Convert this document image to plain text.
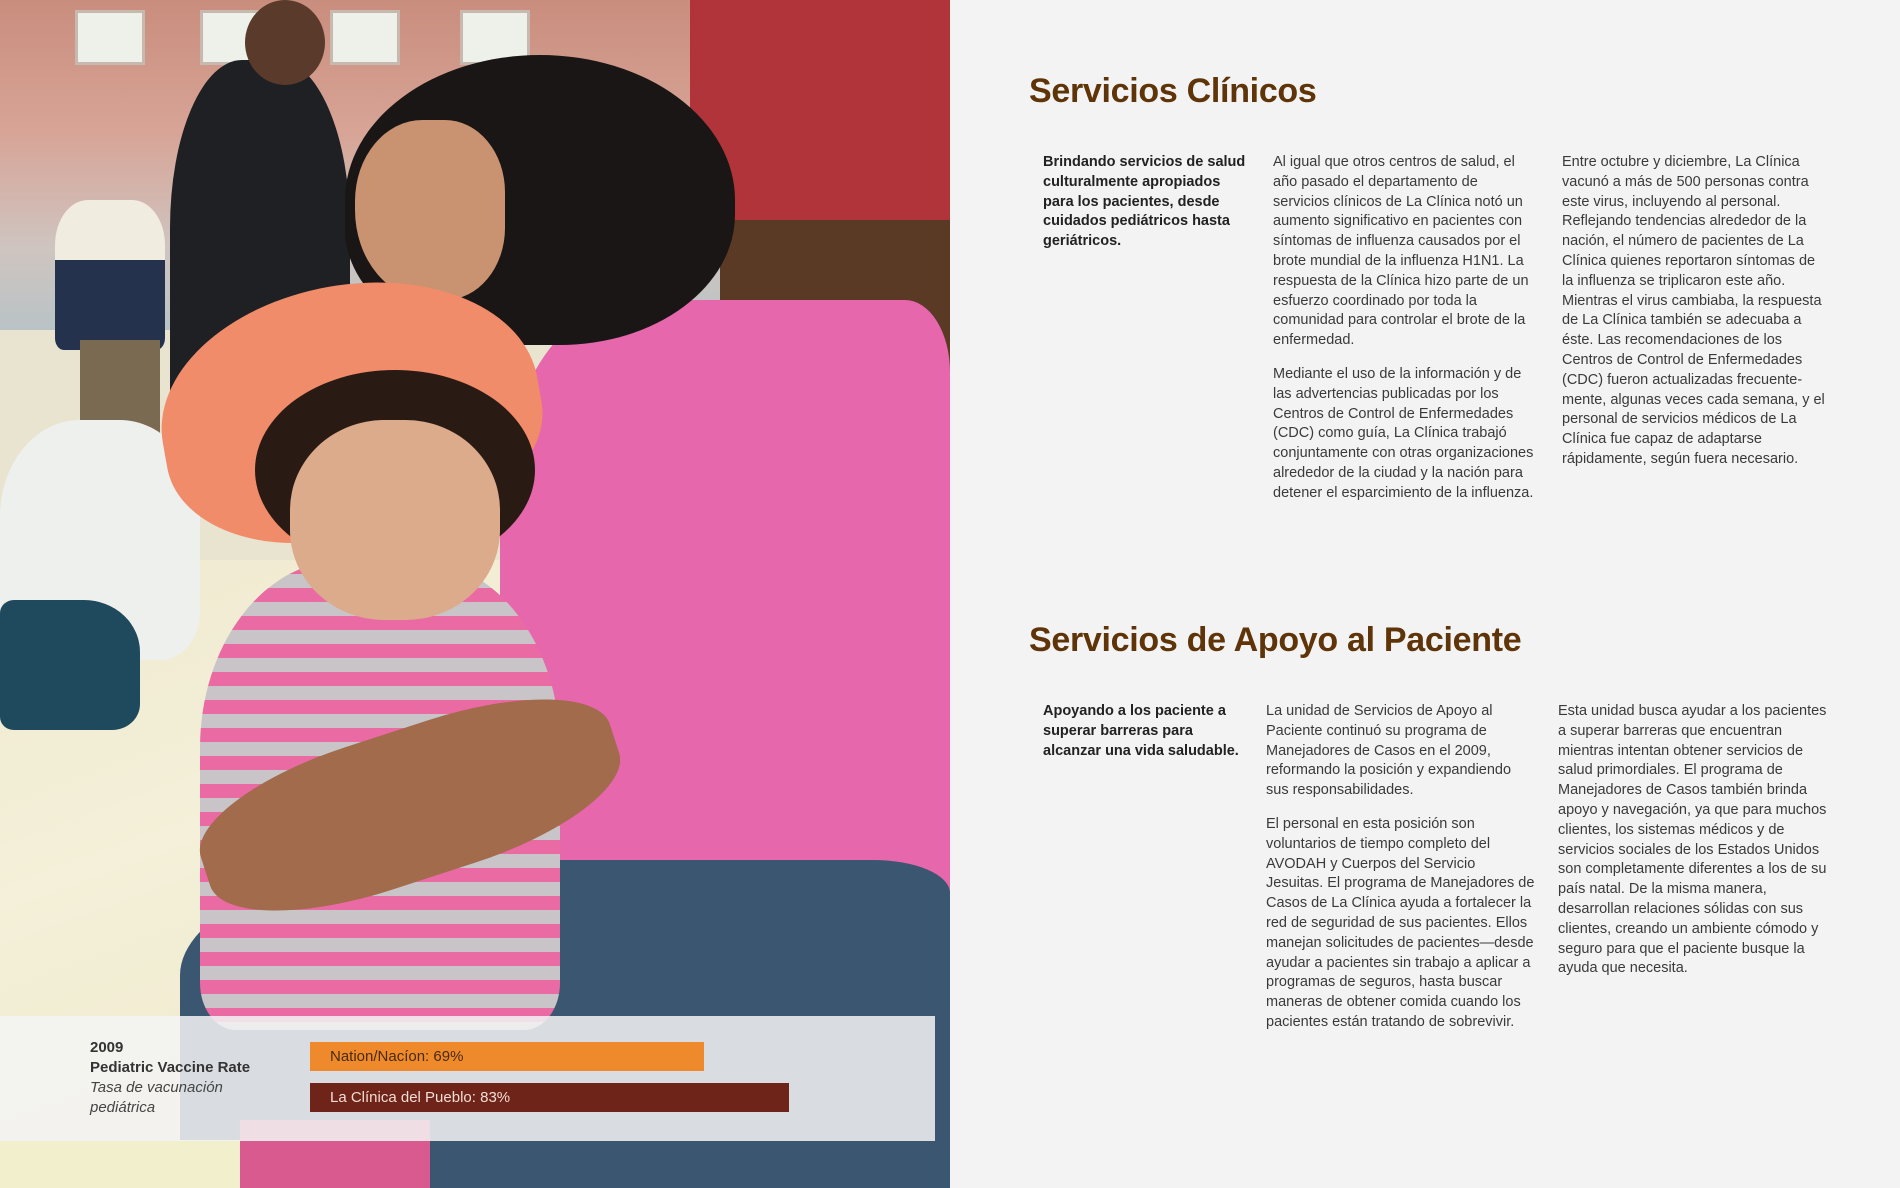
2009
Pediatric Vaccine Rate
Tasa de vacunación pediátrica
Nation/Nacíon: 69%
La Clínica del Pueblo: 83%
Servicios Clínicos

Brindando servicios de salud culturalmente apropiados para los pacientes, desde cuidados pediátricos hasta geriátricos.

Al igual que otros centros de salud, el año pasado el departamento de servicios clínicos de La Clínica notó un aumento significativo en pacientes con síntomas de influenza causados por el brote mundial de la influenza H1N1. La respuesta de la Clínica hizo parte de un esfuerzo coordinado por toda la comunidad para controlar el brote de la enfermedad.

Mediante el uso de la información y de las advertencias publicadas por los Centros de Control de Enfermedades (CDC) como guía, La Clínica trabajó conjuntamente con otras organizaciones alrededor de la ciudad y la nación para detener el esparcimiento de la influenza.

Entre octubre y diciembre, La Clínica vacunó a más de 500 personas contra este virus, incluyendo al personal. Reflejando tendencias alrededor de la nación, el número de pacientes de La Clínica quienes reportaron síntomas de la influenza se triplicaron este año. Mientras el virus cambiaba, la respuesta de La Clínica también se adecuaba a éste. Las recomendaciones de los Centros de Control de Enfermedades (CDC) fueron actualizadas frecuente-mente, algunas veces cada semana, y el personal de servicios médicos de La Clínica fue capaz de adaptarse rápidamente, según fuera necesario.

Servicios de Apoyo al Paciente

Apoyando a los paciente a superar barreras para alcanzar una vida saludable.

La unidad de Servicios de Apoyo al Paciente continuó su programa de Manejadores de Casos en el 2009, reformando la posición y expandiendo sus responsabilidades.

El personal en esta posición son voluntarios de tiempo completo del AVODAH y Cuerpos del Servicio Jesuitas. El programa de Manejadores de Casos de La Clínica ayuda a fortalecer la red de seguridad de sus pacientes. Ellos manejan solicitudes de pacientes—desde ayudar a pacientes sin trabajo a aplicar a programas de seguros, hasta buscar maneras de obtener comida cuando los pacientes están tratando de sobrevivir.

Esta unidad busca ayudar a los pacientes a superar barreras que encuentran mientras intentan obtener servicios de salud primordiales. El programa de Manejadores de Casos también brinda apoyo y navegación, ya que para muchos clientes, los sistemas médicos y de servicios sociales de los Estados Unidos son completamente diferentes a los de su país natal. De la misma manera, desarrollan relaciones sólidas con sus clientes, creando un ambiente cómodo y seguro para que el paciente busque la ayuda que necesita.
